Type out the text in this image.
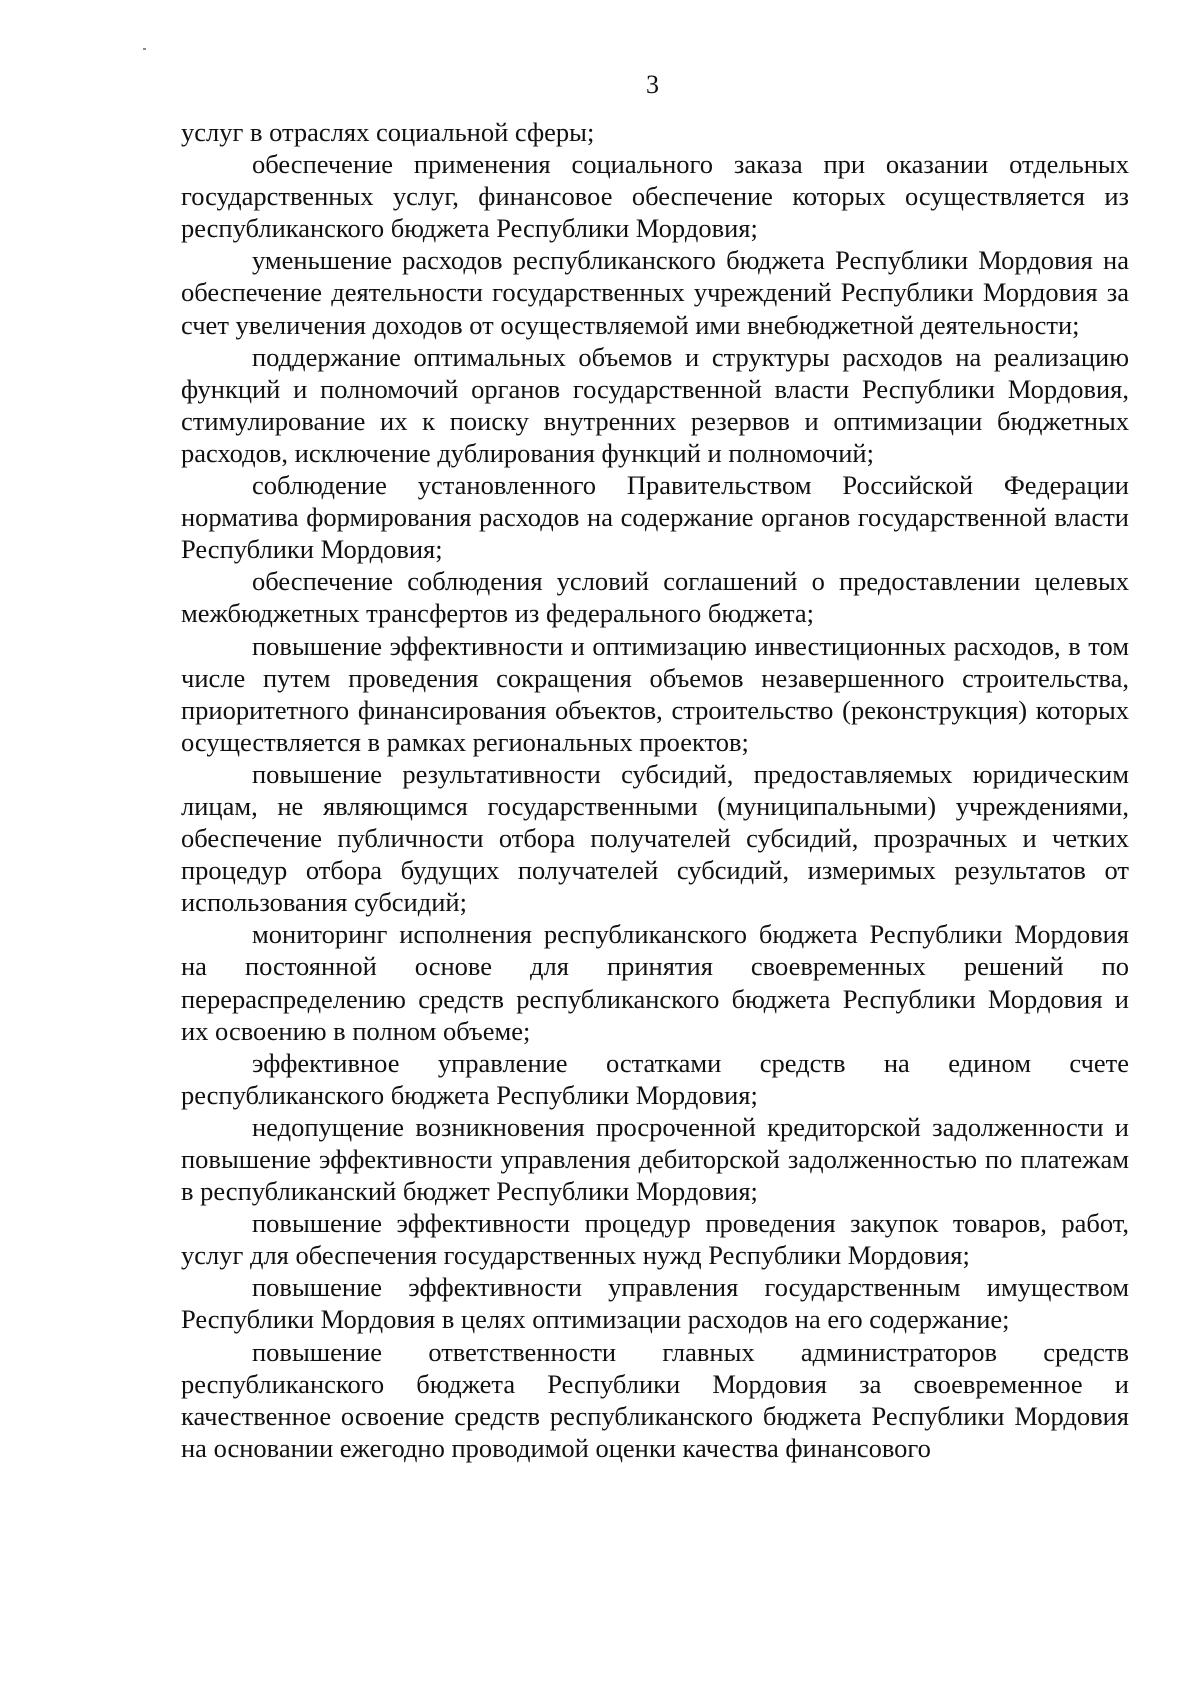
3

услуг в отраслях социальной сферы;

обеспечение применения социального заказа при оказании отдельных государственных услуг, финансовое обеспечение которых осуществляется из республиканского бюджета Республики Мордовия;

уменьшение расходов республиканского бюджета Республики Мордовия на обеспечение деятельности государственных учреждений Республики Мордовия за счет увеличения доходов от осуществляемой ими внебюджетной деятельности;

поддержание оптимальных объемов и структуры расходов на реализацию функций и полномочий органов государственной власти Республики Мордовия, стимулирование их к поиску внутренних резервов и оптимизации бюджетных расходов, исключение дублирования функций и полномочий;

соблюдение установленного Правительством Российской Федерации норматива формирования расходов на содержание органов государственной власти Республики Мордовия;

обеспечение соблюдения условий соглашений о предоставлении целевых межбюджетных трансфертов из федерального бюджета;

повышение эффективности и оптимизацию инвестиционных расходов, в том числе путем проведения сокращения объемов незавершенного строительства, приоритетного финансирования объектов, строительство (реконструкция) которых осуществляется в рамках региональных проектов;

повышение результативности субсидий, предоставляемых юридическим лицам, не являющимся государственными (муниципальными) учреждениями, обеспечение публичности отбора получателей субсидий, прозрачных и четких процедур отбора будущих получателей субсидий, измеримых результатов от использования субсидий;

мониторинг исполнения республиканского бюджета Республики Мордовия на постоянной основе для принятия своевременных решений по перераспределению средств республиканского бюджета Республики Мордовия и их освоению в полном объеме;

эффективное управление остатками средств на едином счете республиканского бюджета Республики Мордовия;

недопущение возникновения просроченной кредиторской задолженности и повышение эффективности управления дебиторской задолженностью по платежам в республиканский бюджет Республики Мордовия;

повышение эффективности процедур проведения закупок товаров, работ, услуг для обеспечения государственных нужд Республики Мордовия;

повышение эффективности управления государственным имуществом Республики Мордовия в целях оптимизации расходов на его содержание;

повышение ответственности главных администраторов средств республиканского бюджета Республики Мордовия за своевременное и качественное освоение средств республиканского бюджета Республики Мордовия на основании ежегодно проводимой оценки качества финансового
